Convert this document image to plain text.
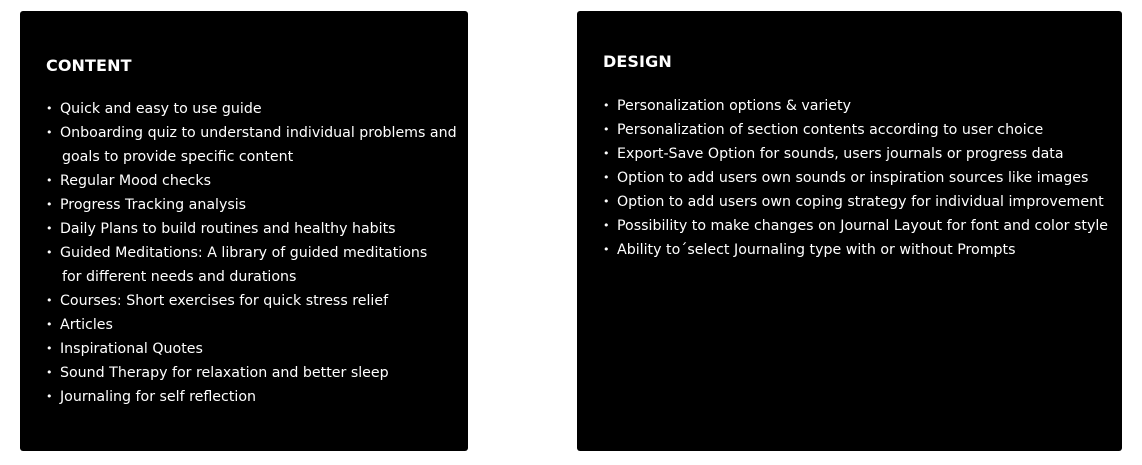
CONTENT
• Quick and easy to use guide
• Onboarding quiz to understand individual problems and
goals to provide specific content
• Regular Mood checks
• Progress Tracking analysis
• Daily Plans to build routines and healthy habits
• Guided Meditations: A library of guided meditations
for different needs and durations
• Courses: Short exercises for quick stress relief
• Articles
• Inspirational Quotes
• Sound Therapy for relaxation and better sleep
• Journaling for self reflection
DESIGN
• Personalization options & variety
• Personalization of section contents according to user choice
• Export-Save Option for sounds, users journals or progress data
• Option to add users own sounds or inspiration sources like images
• Option to add users own coping strategy for individual improvement
• Possibility to make changes on Journal Layout for font and color style
• Ability to´select Journaling type with or without Prompts
